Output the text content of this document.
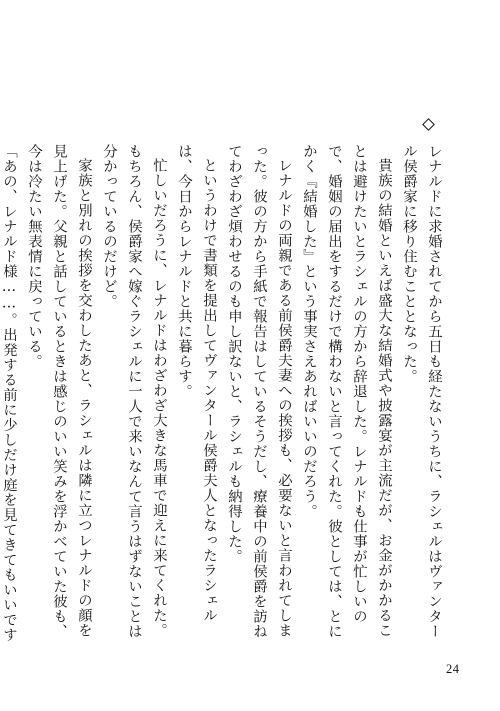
レナルドに求婚されてから五日も経たないうちに、ラシェルはヴァンタール侯爵家に移り住むこととなった。

貴族の結婚といえば盛大な結婚式や披露宴が主流だが、お金がかかることは避けたいとラシェルの方から辞退した。レナルドも仕事が忙しいので、婚姻の届出をするだけで構わないと言ってくれた。彼としては、とにかく『結婚した』という事実さえあればいいのだろう。

レナルドの両親である前侯爵夫妻への挨拶も、必要ないと言われてしまった。彼の方から手紙で報告はしているそうだし、療養中の前侯爵を訪ねてわざわざ煩わせるのも申し訳ないと、ラシェルも納得した。

というわけで書類を提出してヴァンタール侯爵夫人となったラシェルは、今日からレナルドと共に暮らす。

忙しいだろうに、レナルドはわざわざ大きな馬車で迎えに来てくれた。もちろん、侯爵家へ嫁ぐラシェルに一人で来いなんて言うはずないことは分かっているのだけど。

家族と別れの挨拶を交わしたあと、ラシェルは隣に立つレナルドの顔を見上げた。父親と話しているときは感じのいい笑みを浮かべていた彼も、今は冷たい無表情に戻っている。

「あの、レナルド様……。出発する前に少しだけ庭を見てきてもいいです

24
